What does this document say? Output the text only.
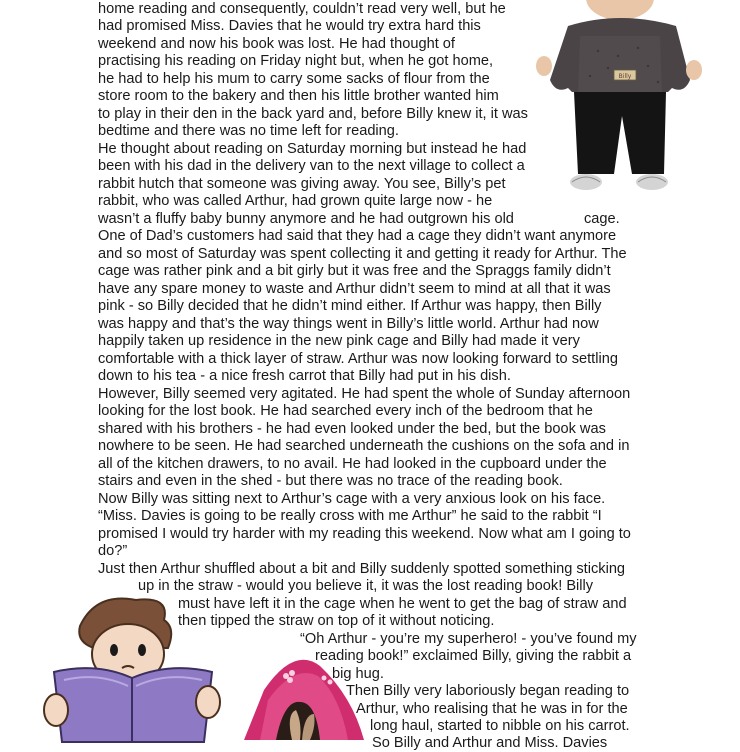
Billy
home reading and consequently, couldn’t read very well, but he
had promised Miss. Davies that he would try extra hard this
weekend and now his book was lost. He had thought of
practising his reading on Friday night but, when he got home,
he had to help his mum to carry some sacks of flour from the
store room to the bakery and then his little brother wanted him
to play in their den in the back yard and, before Billy knew it, it was
bedtime and there was no time left for reading.
He thought about reading on Saturday morning but instead he had
been with his dad in the delivery van to the next village to collect a
rabbit hutch that someone was giving away. You see, Billy’s pet
rabbit, who was called Arthur, had grown quite large now - he
wasn’t a fluffy baby bunny anymore and he had outgrown his old	cage.
One of Dad’s customers had said that they had a cage they didn’t want anymore
and so most of Saturday was spent collecting it and getting it ready for Arthur. The
cage was rather pink and a bit girly but it was free and the Spraggs family didn’t
have any spare money to waste and Arthur didn’t seem to mind at all that it was
pink - so Billy decided that he didn’t mind either. If Arthur was happy, then Billy
was happy and that’s the way things went in Billy’s little world. Arthur had now
happily taken up residence in the new pink cage and Billy had made it very
comfortable with a thick layer of straw. Arthur was now looking forward to settling
down to his tea - a nice fresh carrot that Billy had put in his dish.
However, Billy seemed very agitated. He had spent the whole of Sunday afternoon
looking for the lost book. He had searched every inch of the bedroom that he
shared with his brothers - he had even looked under the bed, but the book was
nowhere to be seen. He had searched underneath the cushions on the sofa and in
all of the kitchen drawers, to no avail. He had looked in the cupboard under the
stairs and even in the shed - but there was no trace of the reading book.
Now Billy was sitting next to Arthur’s cage with a very anxious look on his face.
“Miss. Davies is going to be really cross with me Arthur” he said to the rabbit “I
promised I would try harder with my reading this weekend. Now what am I going to
do?”
Just then Arthur shuffled about a bit and Billy suddenly spotted something sticking
up in the straw - would you believe it, it was the lost reading book! Billy
must have left it in the cage when he went to get the bag of straw and
then tipped the straw on top of it without noticing.
“Oh Arthur - you’re my superhero! - you’ve found my
reading book!” exclaimed Billy, giving the rabbit a
big hug.
Then Billy very laboriously began reading to
Arthur, who realising that he was in for the
long haul, started to nibble on his carrot.
So Billy and Arthur and Miss. Davies
